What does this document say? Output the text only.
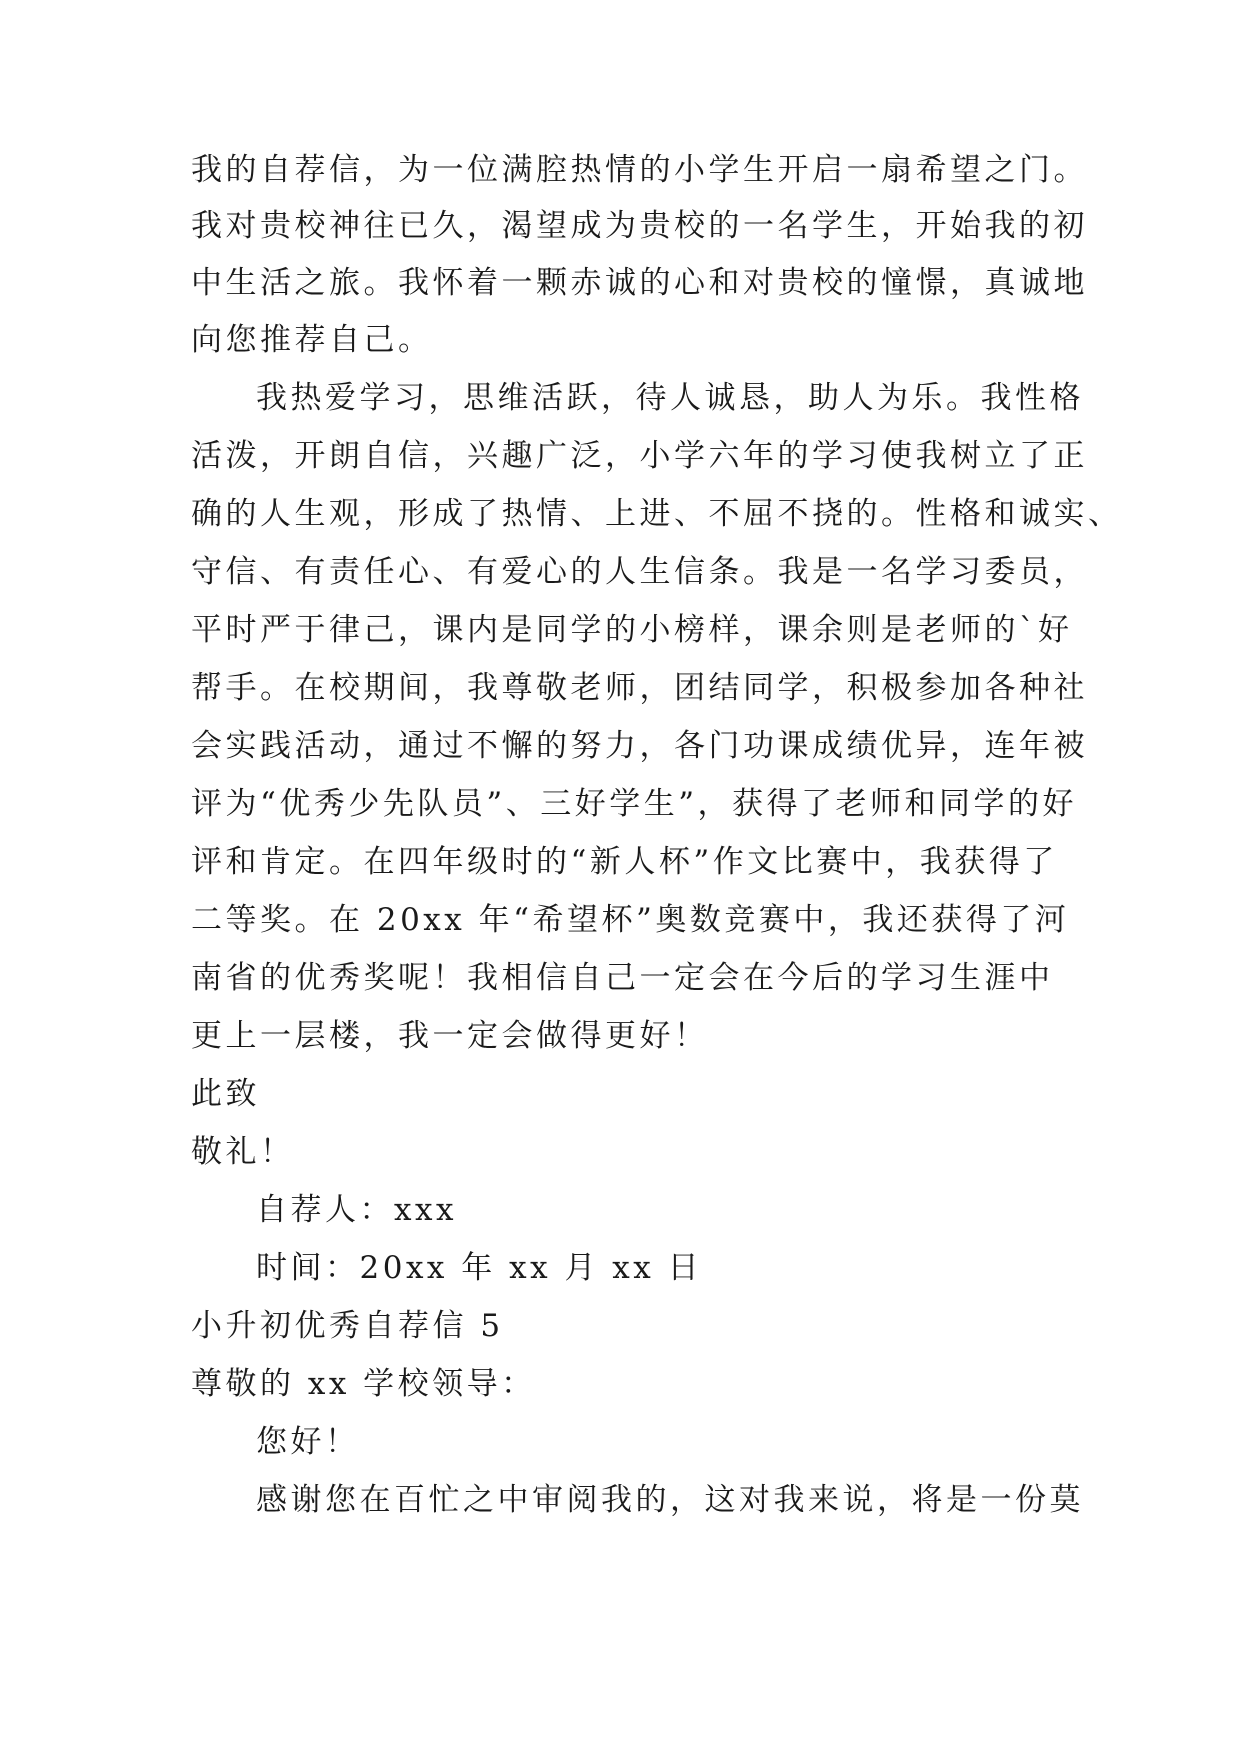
我的自荐信，为一位满腔热情的小学生开启一扇希望之门。
我对贵校神往已久，渴望成为贵校的一名学生，开始我的初
中生活之旅。我怀着一颗赤诚的心和对贵校的憧憬，真诚地
向您推荐自己。
我热爱学习，思维活跃，待人诚恳，助人为乐。我性格
活泼，开朗自信，兴趣广泛，小学六年的学习使我树立了正
确的人生观，形成了热情、上进、不屈不挠的。性格和诚实、
守信、有责任心、有爱心的人生信条。我是一名学习委员，
平时严于律己，课内是同学的小榜样，课余则是老师的`好
帮手。在校期间，我尊敬老师，团结同学，积极参加各种社
会实践活动，通过不懈的努力，各门功课成绩优异，连年被
评为“优秀少先队员”、三好学生”，获得了老师和同学的好
评和肯定。在四年级时的“新人杯”作文比赛中，我获得了
二等奖。在 20xx 年“希望杯”奥数竞赛中，我还获得了河
南省的优秀奖呢！我相信自己一定会在今后的学习生涯中
更上一层楼，我一定会做得更好！
此致
敬礼！
自荐人：xxx
时间：20xx 年 xx 月 xx 日
小升初优秀自荐信 5
尊敬的 xx 学校领导：
您好！
感谢您在百忙之中审阅我的，这对我来说，将是一份莫
